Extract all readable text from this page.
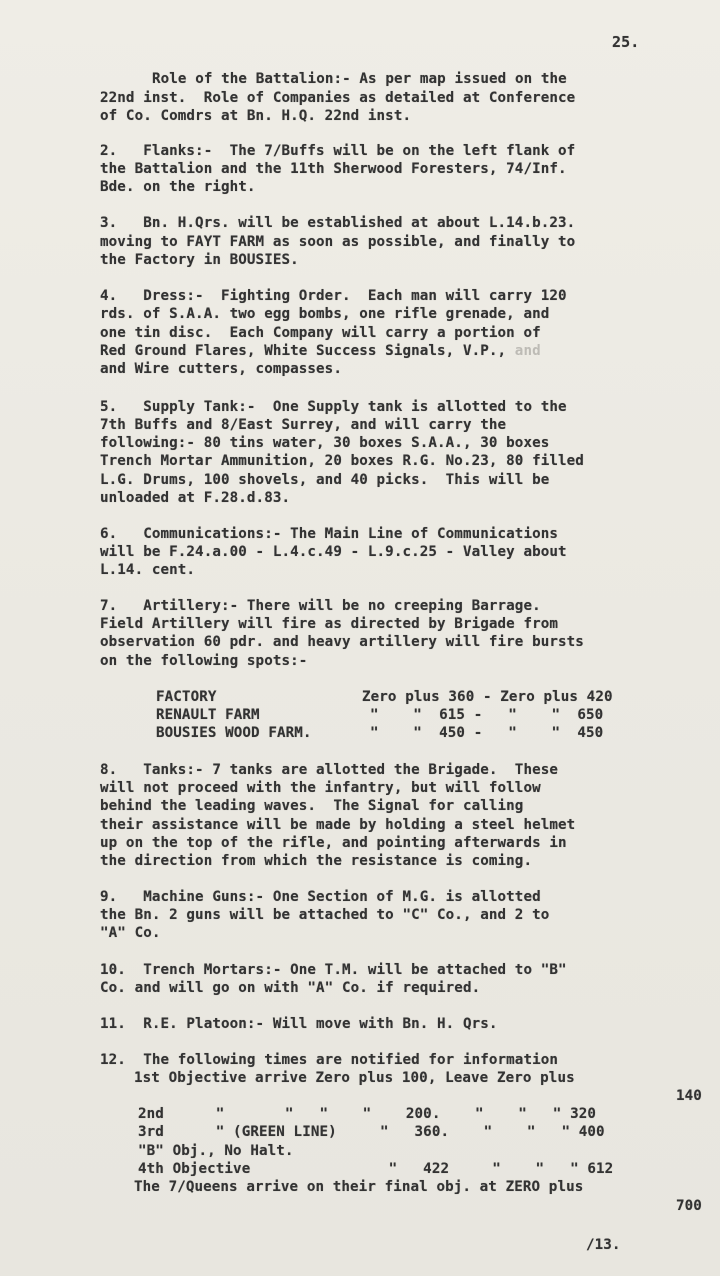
25.
Role of the Battalion:- As per map issued on the
22nd inst.  Role of Companies as detailed at Conference
of Co. Comdrs at Bn. H.Q. 22nd inst.
2.   Flanks:-  The 7/Buffs will be on the left flank of
the Battalion and the 11th Sherwood Foresters, 74/Inf.
Bde. on the right.
3.   Bn. H.Qrs. will be established at about L.14.b.23.
moving to FAYT FARM as soon as possible, and finally to
the Factory in BOUSIES.
4.   Dress:-  Fighting Order.  Each man will carry 120
rds. of S.A.A. two egg bombs, one rifle grenade, and
one tin disc.  Each Company will carry a portion of
Red Ground Flares, White Success Signals, V.P., and
and Wire cutters, compasses.
5.   Supply Tank:-  One Supply tank is allotted to the
7th Buffs and 8/East Surrey, and will carry the
following:- 80 tins water, 30 boxes S.A.A., 30 boxes
Trench Mortar Ammunition, 20 boxes R.G. No.23, 80 filled
L.G. Drums, 100 shovels, and 40 picks.  This will be
unloaded at F.28.d.83.
6.   Communications:- The Main Line of Communications
will be F.24.a.00 - L.4.c.49 - L.9.c.25 - Valley about
L.14. cent.
7.   Artillery:- There will be no creeping Barrage.
Field Artillery will fire as directed by Brigade from
observation 60 pdr. and heavy artillery will fire bursts
on the following spots:-
FACTORY	Zero plus 360 - Zero plus 420
RENAULT FARM	"    "  615 -   "    "  650
BOUSIES WOOD FARM.	"    "  450 -   "    "  450
8.   Tanks:- 7 tanks are allotted the Brigade.  These
will not proceed with the infantry, but will follow
behind the leading waves.  The Signal for calling
their assistance will be made by holding a steel helmet
up on the top of the rifle, and pointing afterwards in
the direction from which the resistance is coming.
9.   Machine Guns:- One Section of M.G. is allotted
the Bn. 2 guns will be attached to "C" Co., and 2 to
"A" Co.
10.  Trench Mortars:- One T.M. will be attached to "B"
Co. and will go on with "A" Co. if required.
11.  R.E. Platoon:- Will move with Bn. H. Qrs.
12.  The following times are notified for information
1st Objective arrive Zero plus 100, Leave Zero plus
140
2nd      "       "   "    "    200.    "    "   " 320
3rd      " (GREEN LINE)     "   360.    "    "   " 400
"B" Obj., No Halt.
4th Objective                "   422     "    "   " 612
The 7/Queens arrive on their final obj. at ZERO plus
700
/13.
